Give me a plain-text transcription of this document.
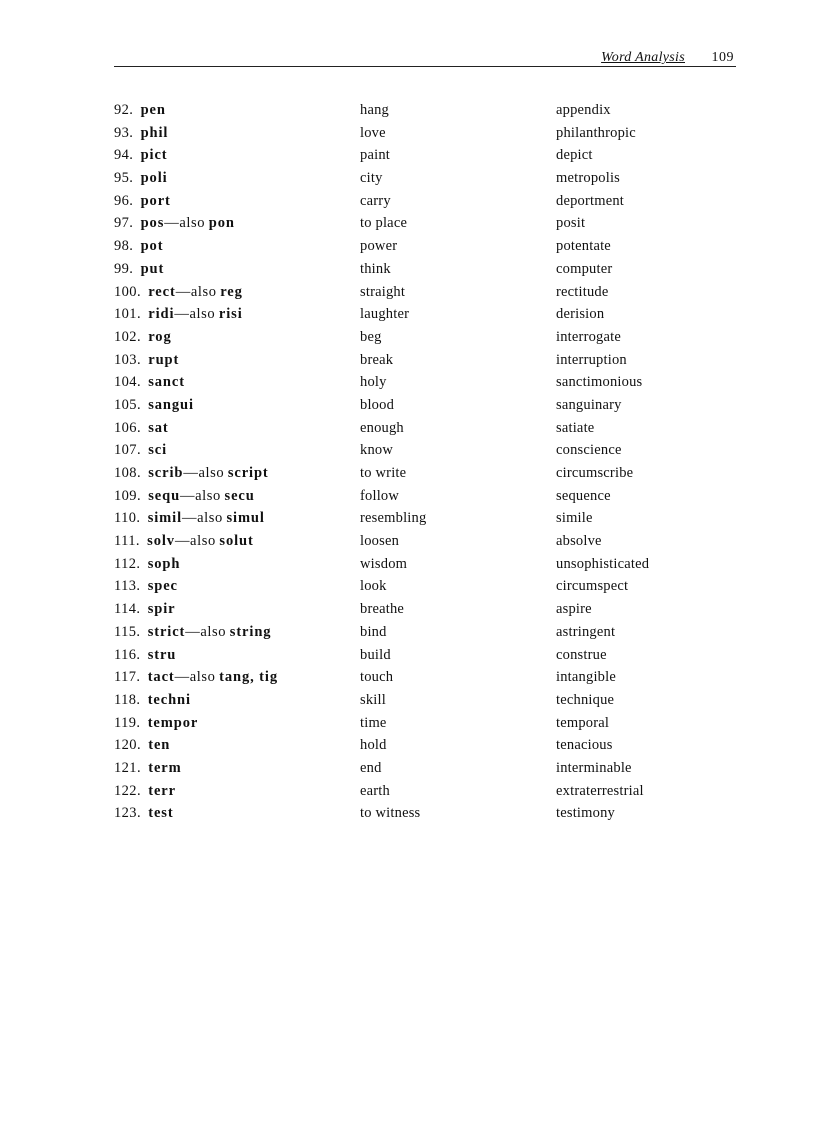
Word Analysis 109
92. pen	hang	appendix
93. phil	love	philanthropic
94. pict	paint	depict
95. poli	city	metropolis
96. port	carry	deportment
97. pos—also pon	to place	posit
98. pot	power	potentate
99. put	think	computer
100. rect—also reg	straight	rectitude
101. ridi—also risi	laughter	derision
102. rog	beg	interrogate
103. rupt	break	interruption
104. sanct	holy	sanctimonious
105. sangui	blood	sanguinary
106. sat	enough	satiate
107. sci	know	conscience
108. scrib—also script	to write	circumscribe
109. sequ—also secu	follow	sequence
110. simil—also simul	resembling	simile
111. solv—also solut	loosen	absolve
112. soph	wisdom	unsophisticated
113. spec	look	circumspect
114. spir	breathe	aspire
115. strict—also string	bind	astringent
116. stru	build	construe
117. tact—also tang, tig	touch	intangible
118. techni	skill	technique
119. tempor	time	temporal
120. ten	hold	tenacious
121. term	end	interminable
122. terr	earth	extraterrestrial
123. test	to witness	testimony
